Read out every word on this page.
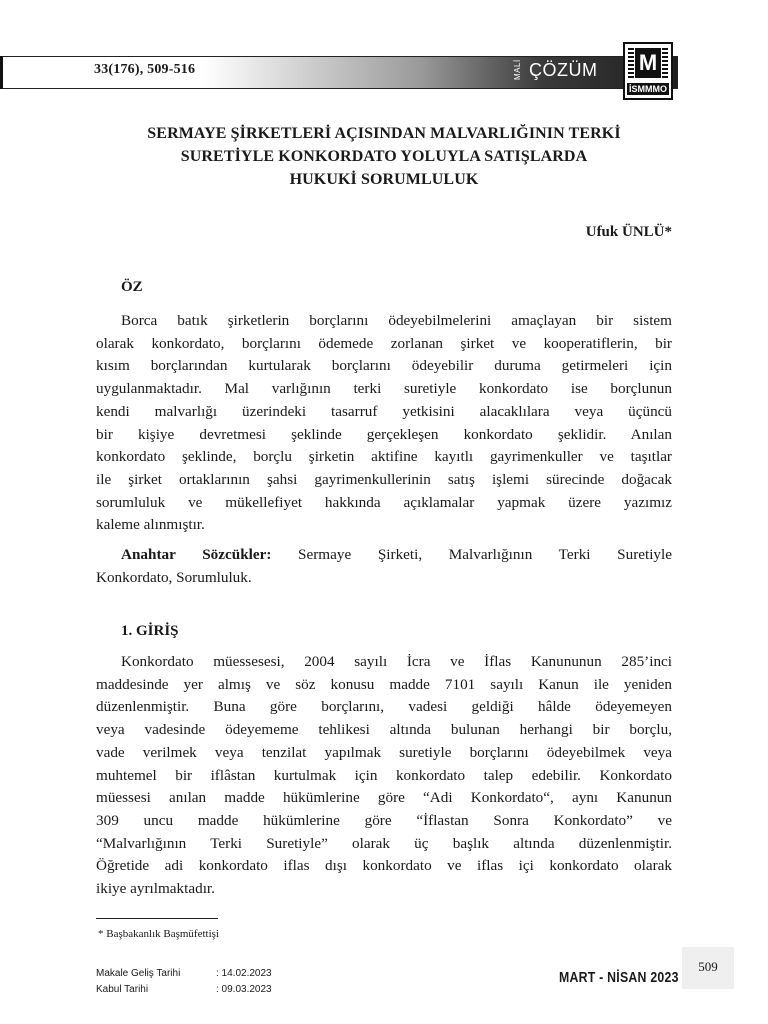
33(176), 509-516	MALİ ÇÖZÜM M
İSMMMO
SERMAYE ŞİRKETLERİ AÇISINDAN MALVARLIĞININ TERKİ
SURETİYLE KONKORDATO YOLUYLA SATIŞLARDA
HUKUKİ SORUMLULUK
Ufuk ÜNLÜ*
ÖZ
Borca batık şirketlerin borçlarını ödeyebilmelerini amaçlayan bir sistem
olarak konkordato, borçlarını ödemede zorlanan şirket ve kooperatiflerin, bir
kısım borçlarından kurtularak borçlarını ödeyebilir duruma getirmeleri için
uygulanmaktadır. Mal varlığının terki suretiyle konkordato ise borçlunun
kendi malvarlığı üzerindeki tasarruf yetkisini alacaklılara veya üçüncü
bir kişiye devretmesi şeklinde gerçekleşen konkordato şeklidir. Anılan
konkordato şeklinde, borçlu şirketin aktifine kayıtlı gayrimenkuller ve taşıtlar
ile şirket ortaklarının şahsi gayrimenkullerinin satış işlemi sürecinde doğacak
sorumluluk ve mükellefiyet hakkında açıklamalar yapmak üzere yazımız
kaleme alınmıştır.
Anahtar Sözcükler: Sermaye Şirketi, Malvarlığının Terki Suretiyle
Konkordato, Sorumluluk.
1. GİRİŞ
Konkordato müessesesi, 2004 sayılı İcra ve İflas Kanununun 285’inci
maddesinde yer almış ve söz konusu madde 7101 sayılı Kanun ile yeniden
düzenlenmiştir. Buna göre borçlarını, vadesi geldiği hâlde ödeyemeyen
veya vadesinde ödeyememe tehlikesi altında bulunan herhangi bir borçlu,
vade verilmek veya tenzilat yapılmak suretiyle borçlarını ödeyebilmek veya
muhtemel bir iflâstan kurtulmak için konkordato talep edebilir. Konkordato
müessesi anılan madde hükümlerine göre “Adi Konkordato“, aynı Kanunun
309 uncu madde hükümlerine göre “İflastan Sonra Konkordato” ve
“Malvarlığının Terki Suretiyle” olarak üç başlık altında düzenlenmiştir.
Öğretide adi konkordato iflas dışı konkordato ve iflas içi konkordato olarak
ikiye ayrılmaktadır.
* Başbakanlık Başmüfettişi
Makale Geliş Tarihi	: 14.02.2023
Kabul Tarihi	: 09.03.2023
MART - NİSAN 2023
509
